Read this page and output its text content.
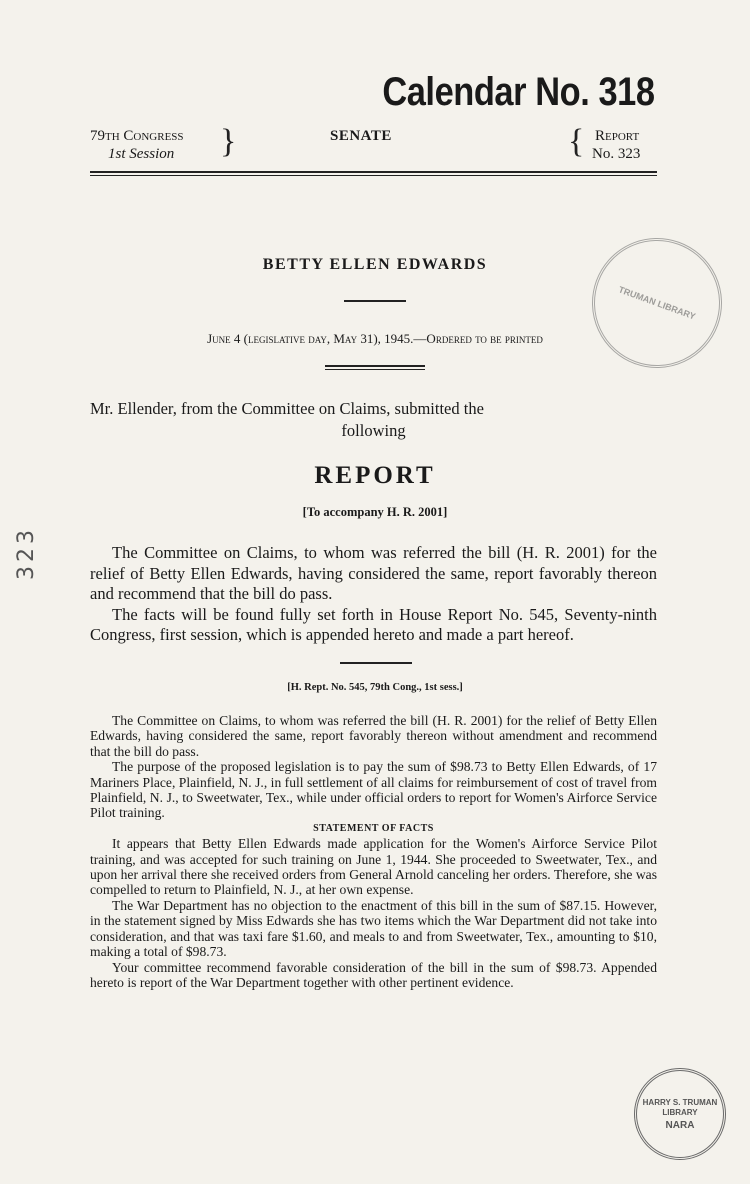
Calendar No. 318
79th Congress
1st Session }	SENATE	{ Report
No. 323
BETTY ELLEN EDWARDS
June 4 (legislative day, May 31), 1945.—Ordered to be printed
Mr. Ellender, from the Committee on Claims, submitted the
following
REPORT
[To accompany H. R. 2001]

The Committee on Claims, to whom was referred the bill (H. R. 2001) for the relief of Betty Ellen Edwards, having considered the same, report favorably thereon and recommend that the bill do pass.

The facts will be found fully set forth in House Report No. 545, Seventy-ninth Congress, first session, which is appended hereto and made a part hereof.

[H. Rept. No. 545, 79th Cong., 1st sess.]

The Committee on Claims, to whom was referred the bill (H. R. 2001) for the relief of Betty Ellen Edwards, having considered the same, report favorably thereon without amendment and recommend that the bill do pass.

The purpose of the proposed legislation is to pay the sum of $98.73 to Betty Ellen Edwards, of 17 Mariners Place, Plainfield, N. J., in full settlement of all claims for reimbursement of cost of travel from Plainfield, N. J., to Sweetwater, Tex., while under official orders to report for Women's Airforce Service Pilot training.

STATEMENT OF FACTS

It appears that Betty Ellen Edwards made application for the Women's Airforce Service Pilot training, and was accepted for such training on June 1, 1944. She proceeded to Sweetwater, Tex., and upon her arrival there she received orders from General Arnold canceling her orders. Therefore, she was compelled to return to Plainfield, N. J., at her own expense.

The War Department has no objection to the enactment of this bill in the sum of $87.15. However, in the statement signed by Miss Edwards she has two items which the War Department did not take into consideration, and that was taxi fare $1.60, and meals to and from Sweetwater, Tex., amounting to $10, making a total of $98.73.

Your committee recommend favorable consideration of the bill in the sum of $98.73. Appended hereto is report of the War Department together with other pertinent evidence.

323
TRUMAN LIBRARY
HARRY S. TRUMAN LIBRARY
NARA
